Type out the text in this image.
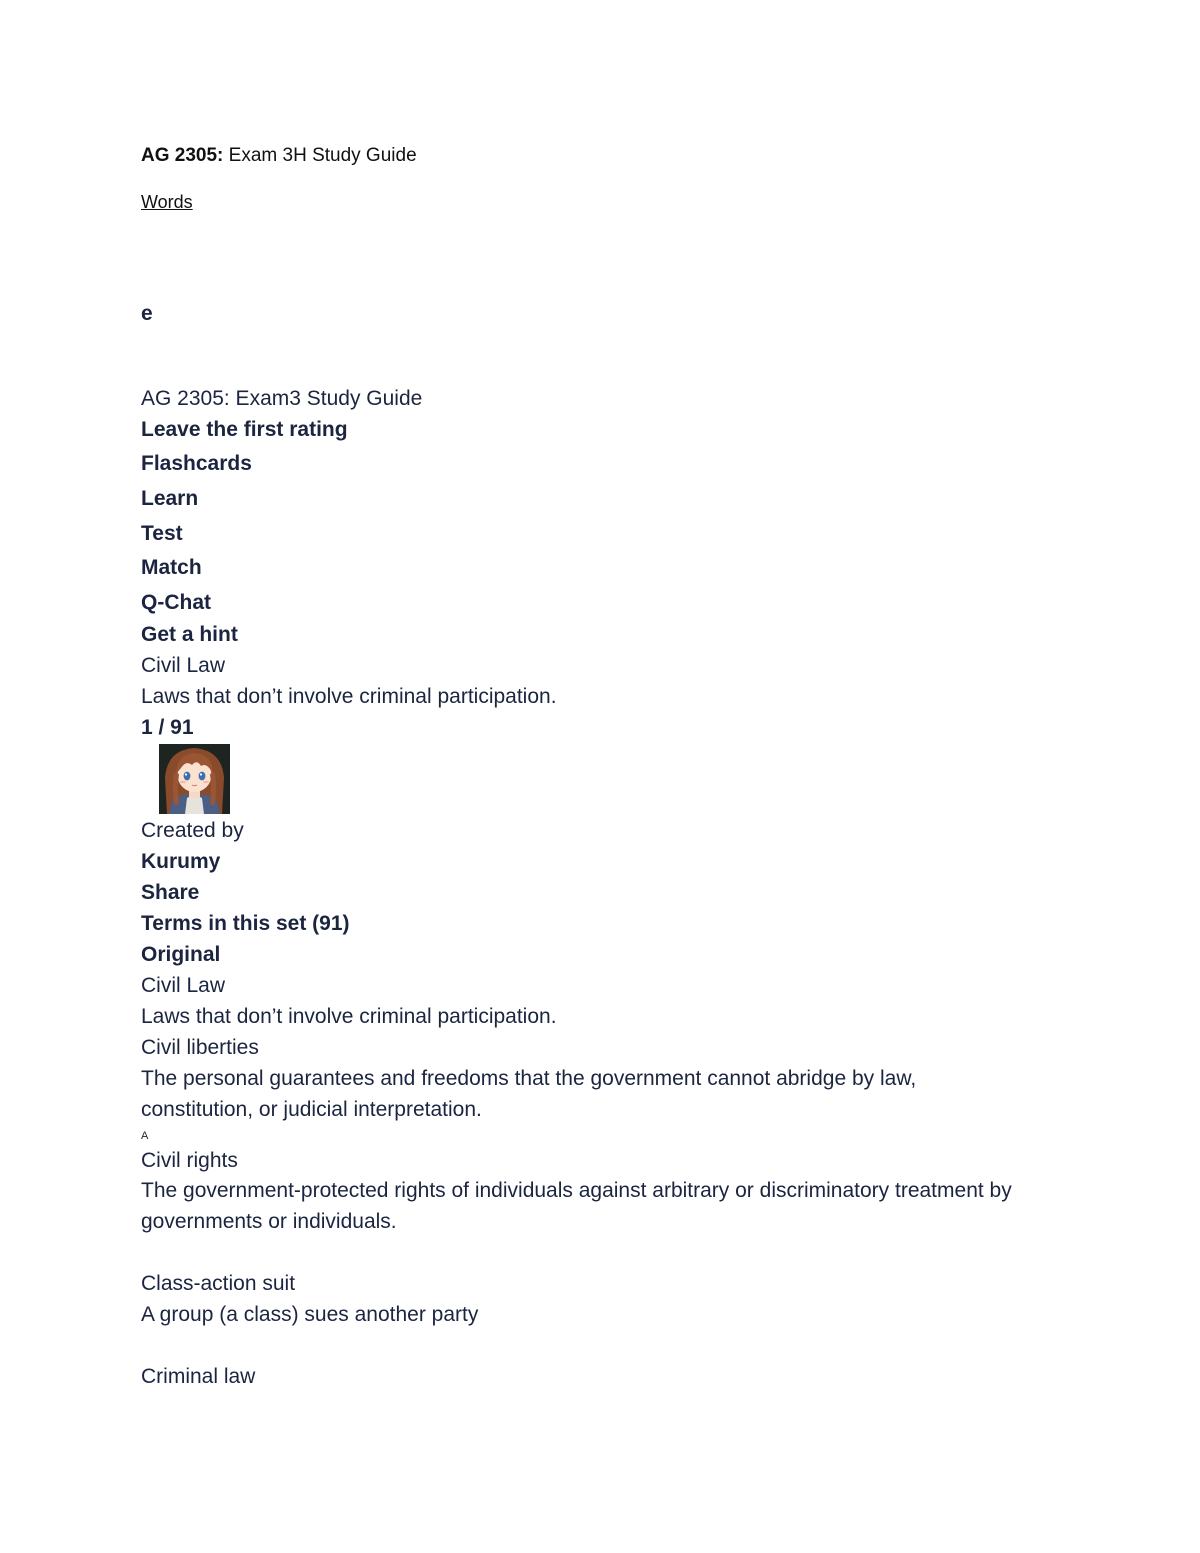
AG 2305: Exam 3H Study Guide
Words
e
AG 2305: Exam3 Study Guide
Leave the first rating
Flashcards
Learn
Test
Match
Q-Chat
Get a hint
Civil Law
Laws that don’t involve criminal participation.
1 / 91
Created by
Kurumy
Share
Terms in this set (91)
Original
Civil Law
Laws that don’t involve criminal participation.
Civil liberties
The personal guarantees and freedoms that the government cannot abridge by law,
constitution, or judicial interpretation.
A
Civil rights
The government-protected rights of individuals against arbitrary or discriminatory treatment by
governments or individuals.
Class-action suit
A group (a class) sues another party
Criminal law
